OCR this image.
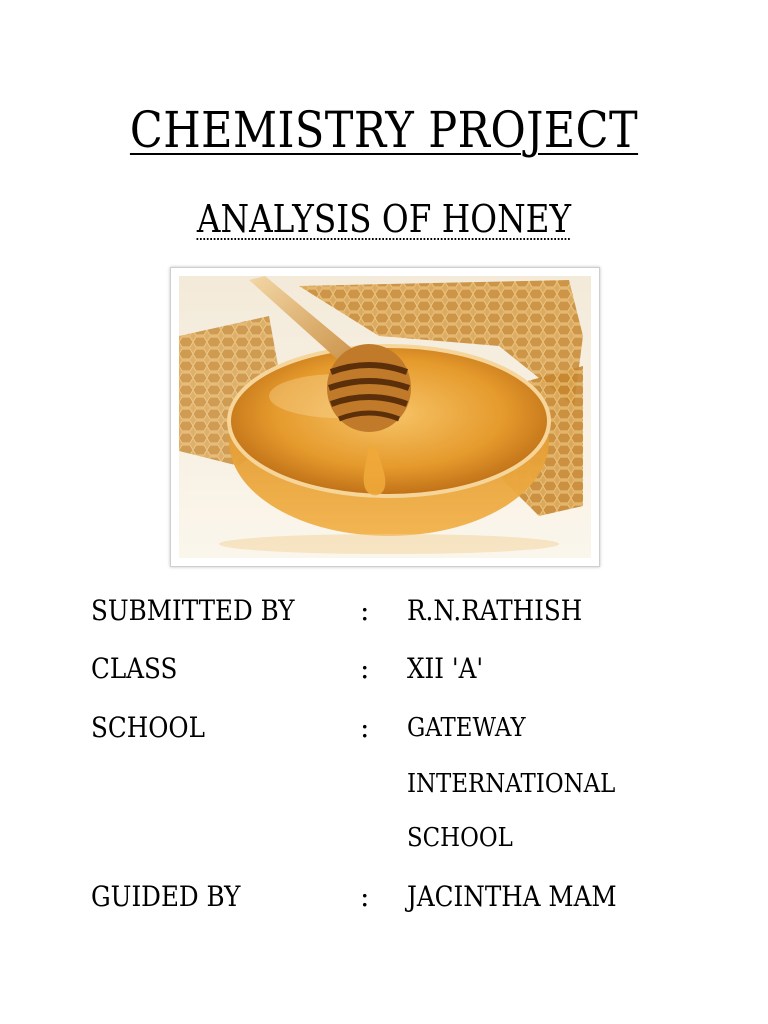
CHEMISTRY PROJECT
ANALYSIS OF HONEY
SUBMITTED BY : R.N.RATHISH
CLASS	: XII 'A'
SCHOOL	: GATEWAY
INTERNATIONAL
SCHOOL
GUIDED BY	: JACINTHA MAM
